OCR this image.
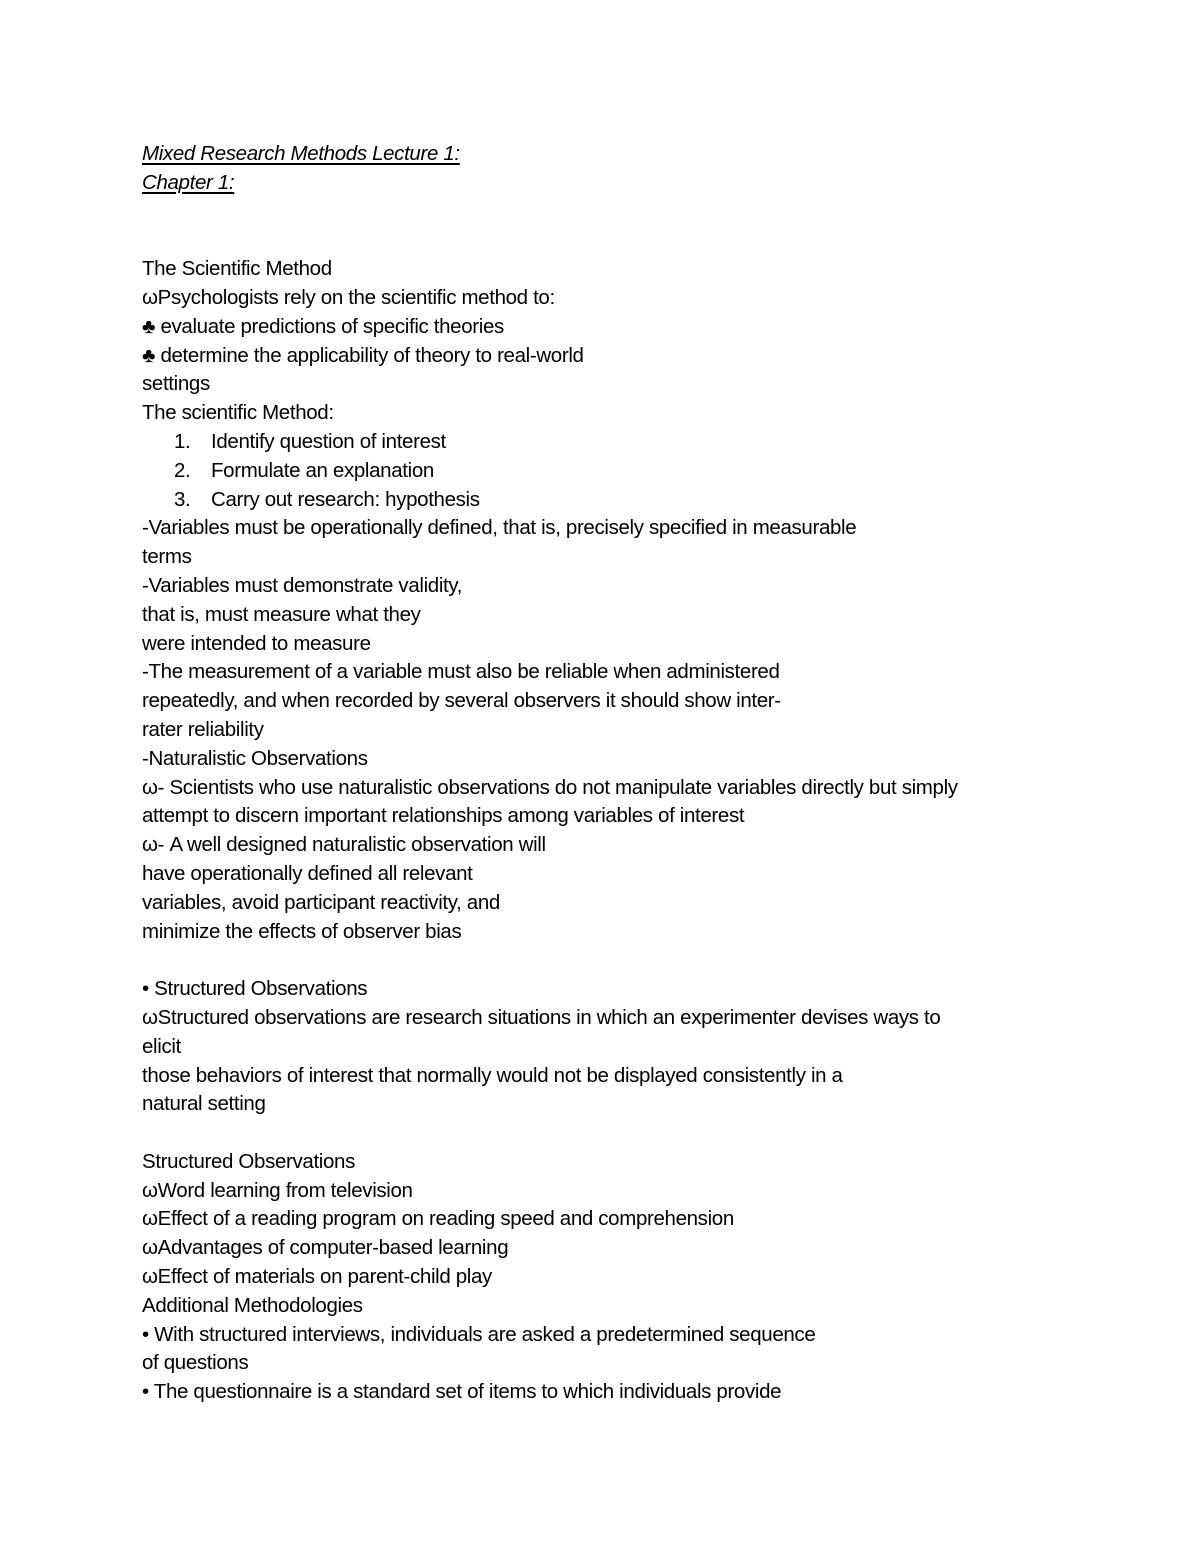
Mixed Research Methods Lecture 1:
Chapter 1:
The Scientific Method
ωPsychologists rely on the scientific method to:
♣ evaluate predictions of specific theories
♣ determine the applicability of theory to real-world
settings
The scientific Method:
1.	Identify question of interest
2.	Formulate an explanation
3.	Carry out research: hypothesis
-Variables must be operationally defined, that is, precisely specified in measurable
terms
-Variables must demonstrate validity,
that is, must measure what they
were intended to measure
-The measurement of a variable must also be reliable when administered
repeatedly, and when recorded by several observers it should show inter-
rater reliability
-Naturalistic Observations
ω- Scientists who use naturalistic observations do not manipulate variables directly but simply
attempt to discern important relationships among variables of interest
ω- A well designed naturalistic observation will
have operationally defined all relevant
variables, avoid participant reactivity, and
minimize the effects of observer bias
• Structured Observations
ωStructured observations are research situations in which an experimenter devises ways to
elicit
those behaviors of interest that normally would not be displayed consistently in a
natural setting
Structured Observations
ωWord learning from television
ωEffect of a reading program on reading speed and comprehension
ωAdvantages of computer-based learning
ωEffect of materials on parent-child play
Additional Methodologies
• With structured interviews, individuals are asked a predetermined sequence
of questions
• The questionnaire is a standard set of items to which individuals provide
